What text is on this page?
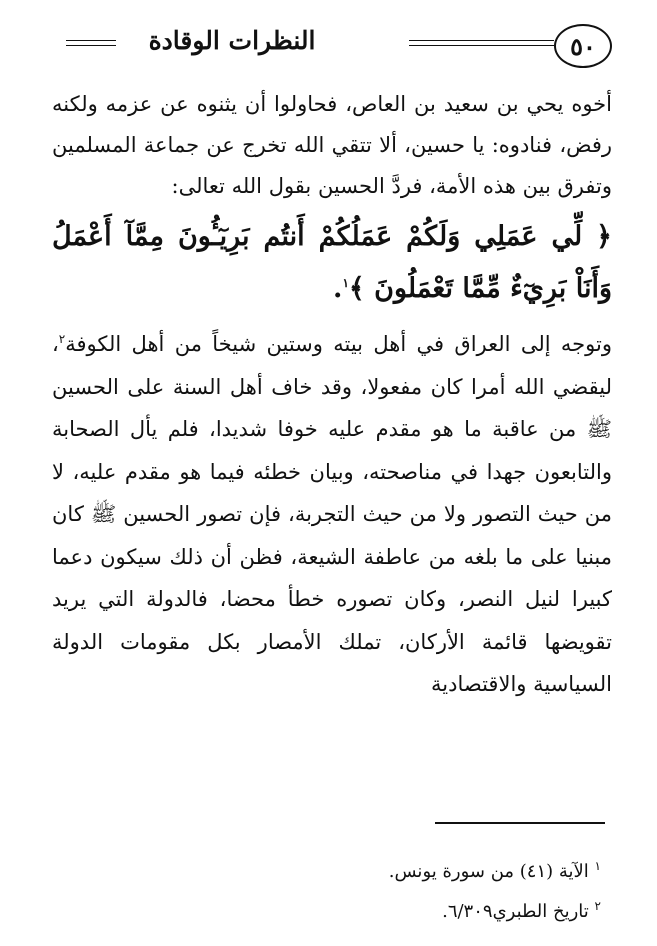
٥٠
النظرات الوقادة

أخوه يحي بن سعيد بن العاص، فحاولوا أن يثنوه عن عزمه ولكنه رفض، فنادوه: يا حسين، ألا تتقي الله تخرج عن جماعة المسلمين وتفرق بين هذه الأمة، فردَّ الحسين بقول الله تعالى:

﴿ لِّي عَمَلِي وَلَكُمْ عَمَلُكُمْ أَنتُم بَرِيٓـُٔونَ مِمَّآ أَعْمَلُ وَأَنَاْ بَرِيٓءٌ مِّمَّا تَعْمَلُونَ ﴾$^١$.

وتوجه إلى العراق في أهل بيته وستين شيخاً من أهل الكوفة$^٢$، ليقضي الله أمرا كان مفعولا، وقد خاف أهل السنة على الحسين ﷺ من عاقبة ما هو مقدم عليه خوفا شديدا، فلم يأل الصحابة والتابعون جهدا في مناصحته، وبيان خطئه فيما هو مقدم عليه، لا من حيث التصور ولا من حيث التجربة، فإن تصور الحسين ﷺ كان مبنيا على ما بلغه من عاطفة الشيعة، فظن أن ذلك سيكون دعما كبيرا لنيل النصر، وكان تصوره خطأ محضا، فالدولة التي يريد تقويضها قائمة الأركان، تملك الأمصار بكل مقومات الدولة السياسية والاقتصادية

$^١$ الآية (٤١) من سورة يونس.

$^٢$ تاريخ الطبري٦/٣٠٩.
